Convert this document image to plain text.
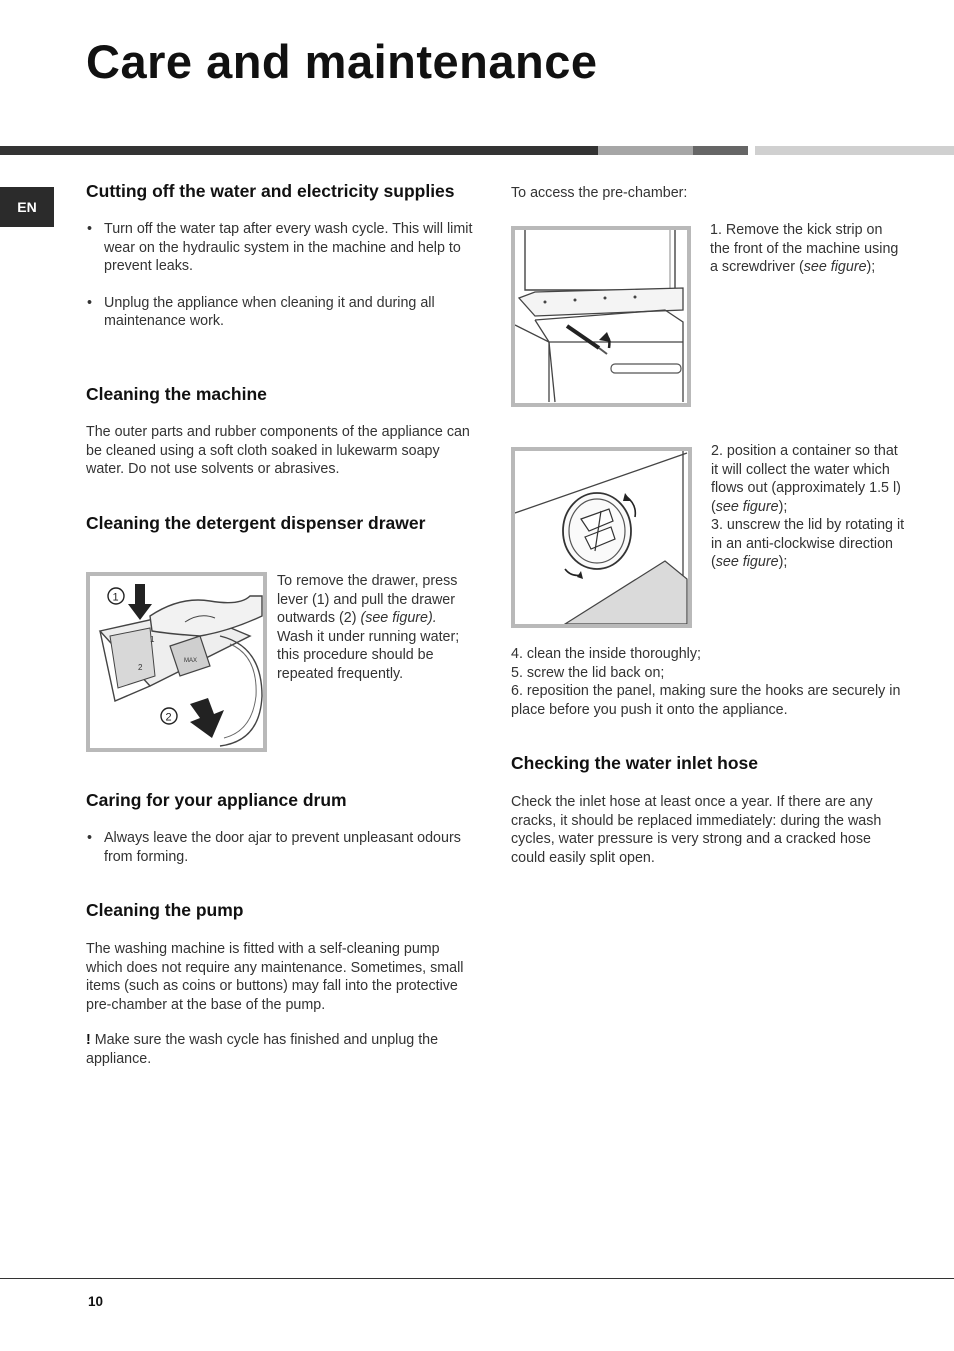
Care and maintenance
EN
Cutting off the water and electricity supplies
• Turn off the water tap after every wash cycle. This will limit wear on the hydraulic system in the machine and help to prevent leaks.
• Unplug the appliance when cleaning it and during all maintenance work.
Cleaning the machine

The outer parts and rubber components of the appliance can be cleaned using a soft cloth soaked in lukewarm soapy water. Do not use solvents or abrasives.

Cleaning the detergent dispenser drawer
MAX
1
2
1
2

To remove the drawer, press lever (1) and pull the drawer outwards (2) (see figure). Wash it under running water; this procedure should be repeated frequently.

Caring for your appliance drum
• Always leave the door ajar to prevent unpleasant odours from forming.
Cleaning the pump

The washing machine is fitted with a self-cleaning pump which does not require any maintenance. Sometimes, small items (such as coins or buttons) may fall into the protective pre-chamber at the base of the pump.

! Make sure the wash cycle has finished and unplug the appliance.

To access the pre-chamber:

1. Remove the kick strip on the front of the machine using a screwdriver (see figure);

2. position a container so that it will collect the water which flows out (approximately 1.5 l) (see figure);

3. unscrew the lid by rotating it in an anti-clockwise direction (see figure);

4. clean the inside thoroughly;

5. screw the lid back on;

6. reposition the panel, making sure the hooks are securely in place before you push it onto the appliance.

Checking the water inlet hose

Check the inlet hose at least once a year. If there are any cracks, it should be replaced immediately: during the wash cycles, water pressure is very strong and a cracked hose could easily split open.

10
